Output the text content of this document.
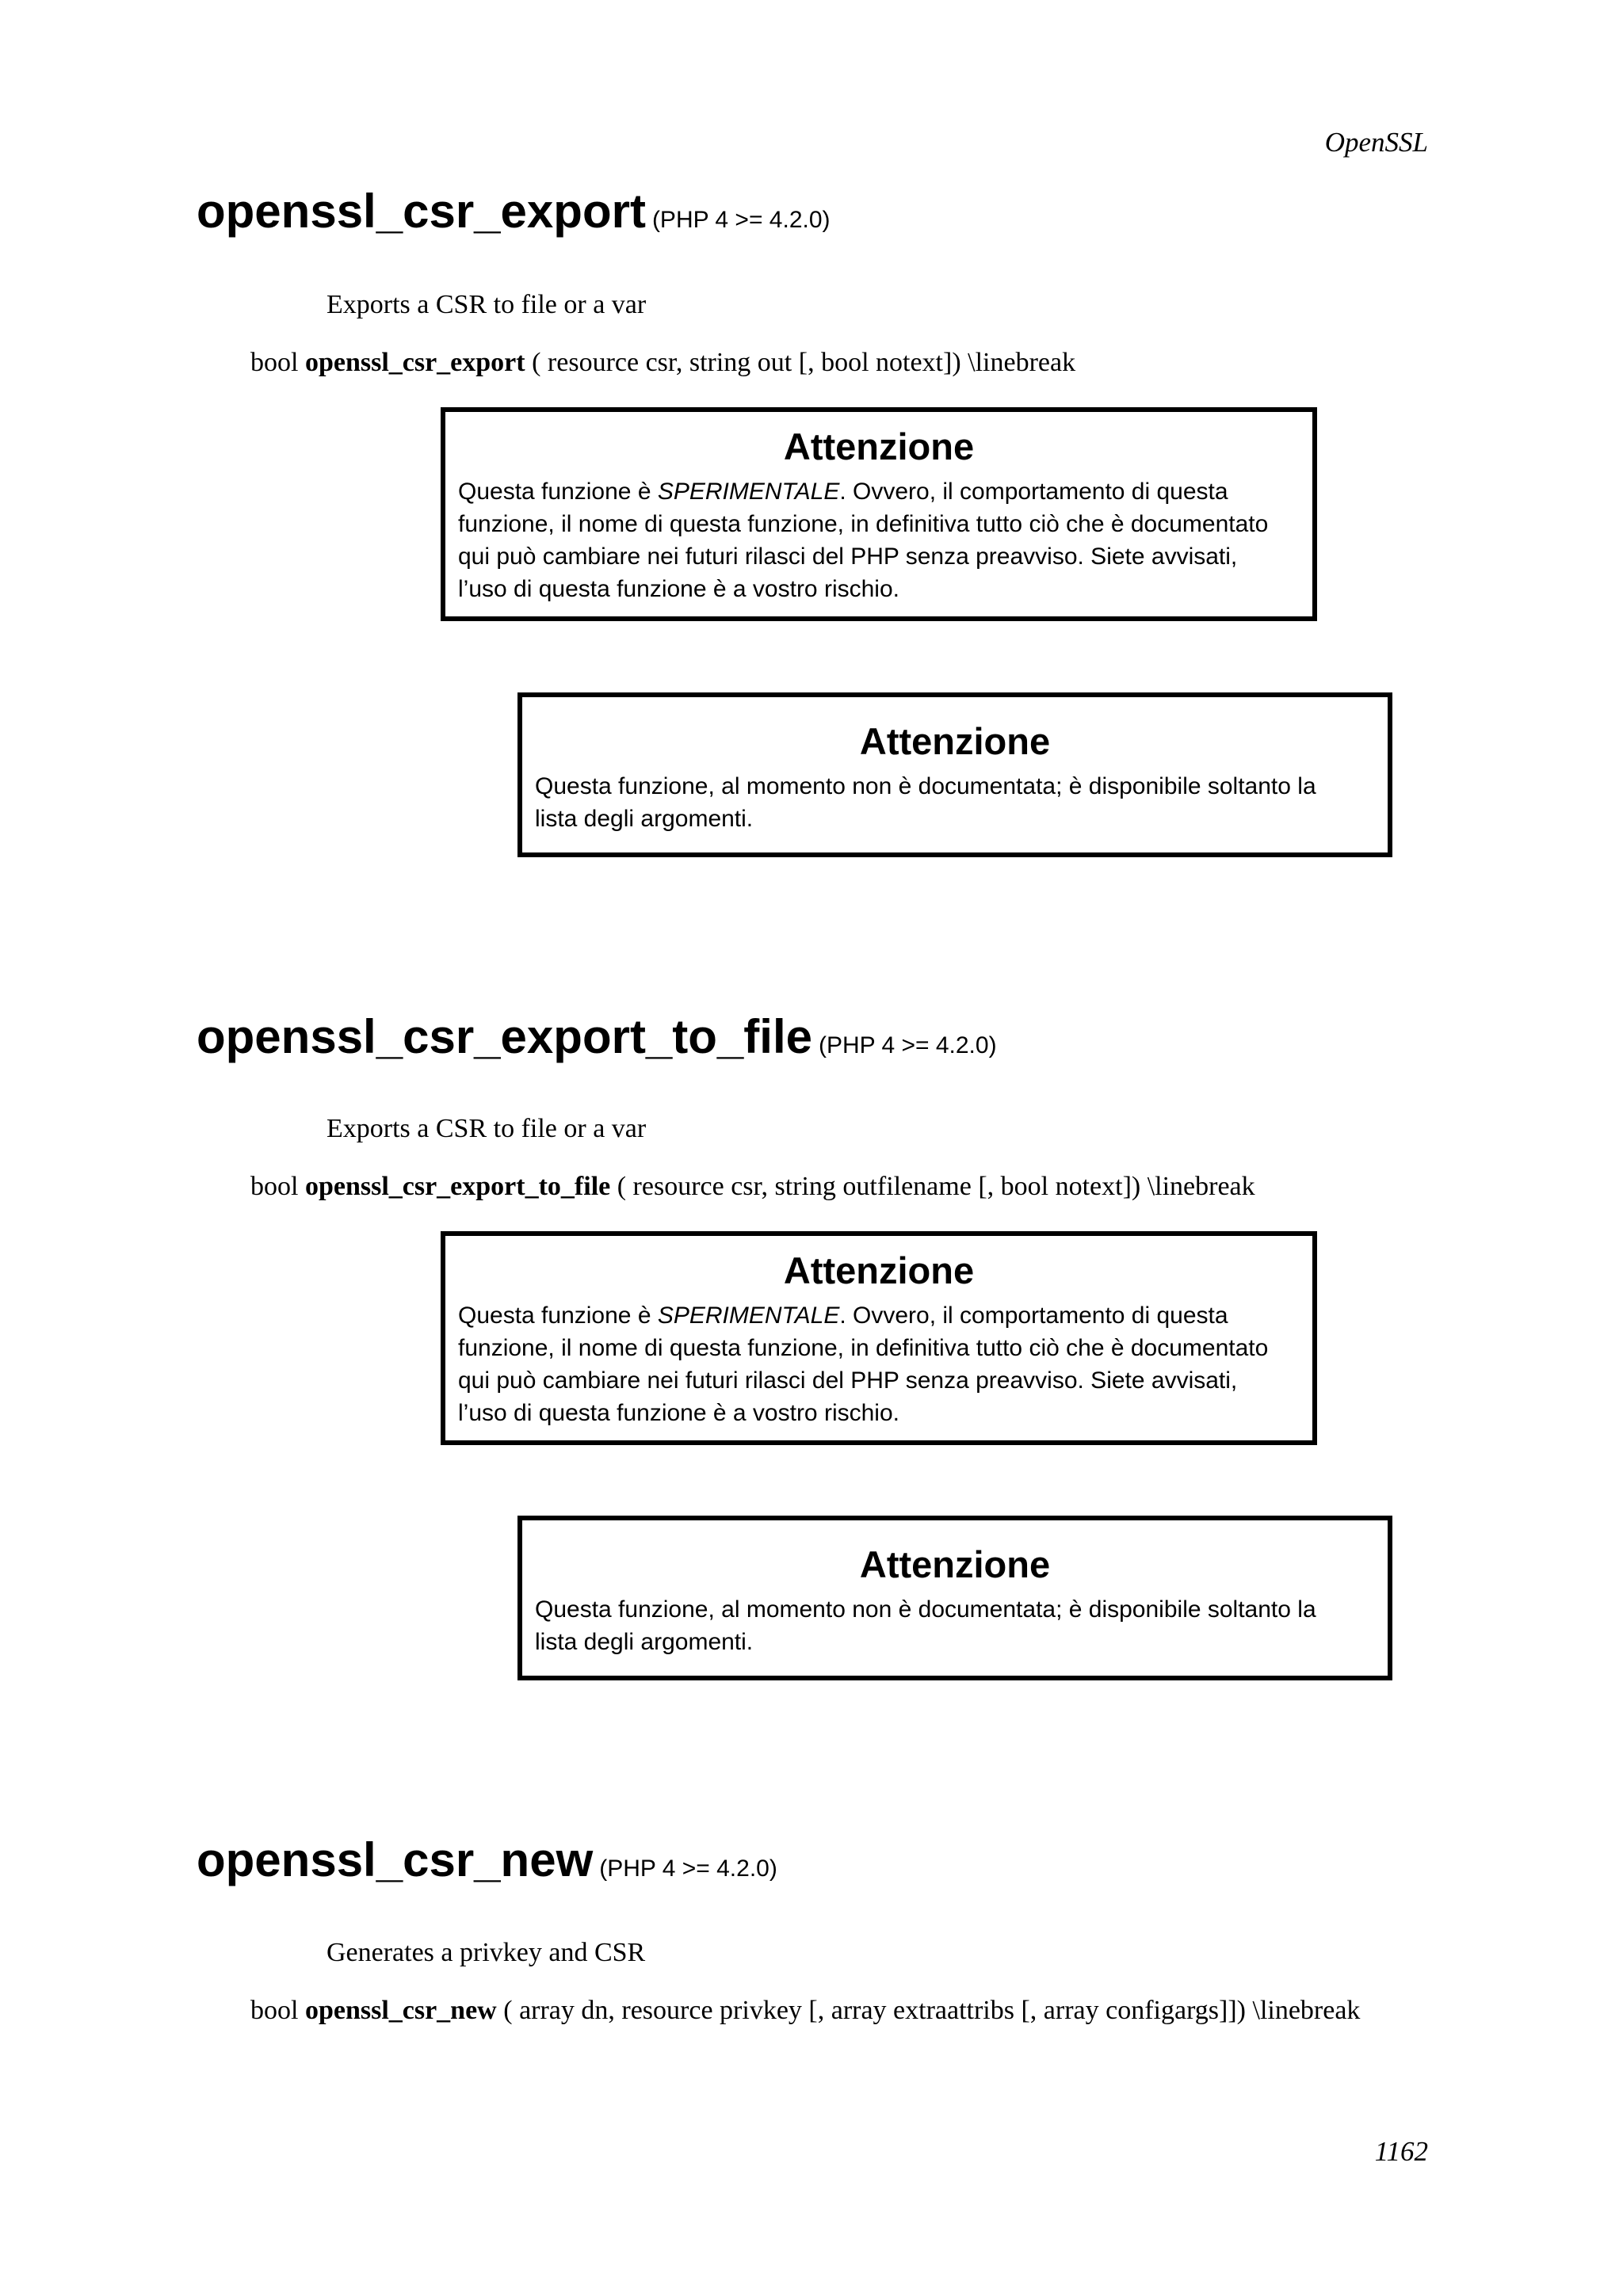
OpenSSL
openssl_csr_export (PHP 4 >= 4.2.0)
Exports a CSR to file or a var
bool openssl_csr_export ( resource csr, string out [, bool notext]) \linebreak
Attenzione
Questa funzione è SPERIMENTALE. Ovvero, il comportamento di questa
funzione, il nome di questa funzione, in definitiva tutto ciò che è documentato
qui può cambiare nei futuri rilasci del PHP senza preavviso. Siete avvisati,
l’uso di questa funzione è a vostro rischio.
Attenzione
Questa funzione, al momento non è documentata; è disponibile soltanto la
lista degli argomenti.
openssl_csr_export_to_file (PHP 4 >= 4.2.0)
Exports a CSR to file or a var
bool openssl_csr_export_to_file ( resource csr, string outfilename [, bool notext]) \linebreak
Attenzione
Questa funzione è SPERIMENTALE. Ovvero, il comportamento di questa
funzione, il nome di questa funzione, in definitiva tutto ciò che è documentato
qui può cambiare nei futuri rilasci del PHP senza preavviso. Siete avvisati,
l’uso di questa funzione è a vostro rischio.
Attenzione
Questa funzione, al momento non è documentata; è disponibile soltanto la
lista degli argomenti.
openssl_csr_new (PHP 4 >= 4.2.0)
Generates a privkey and CSR
bool openssl_csr_new ( array dn, resource privkey [, array extraattribs [, array configargs]]) \linebreak
1162
